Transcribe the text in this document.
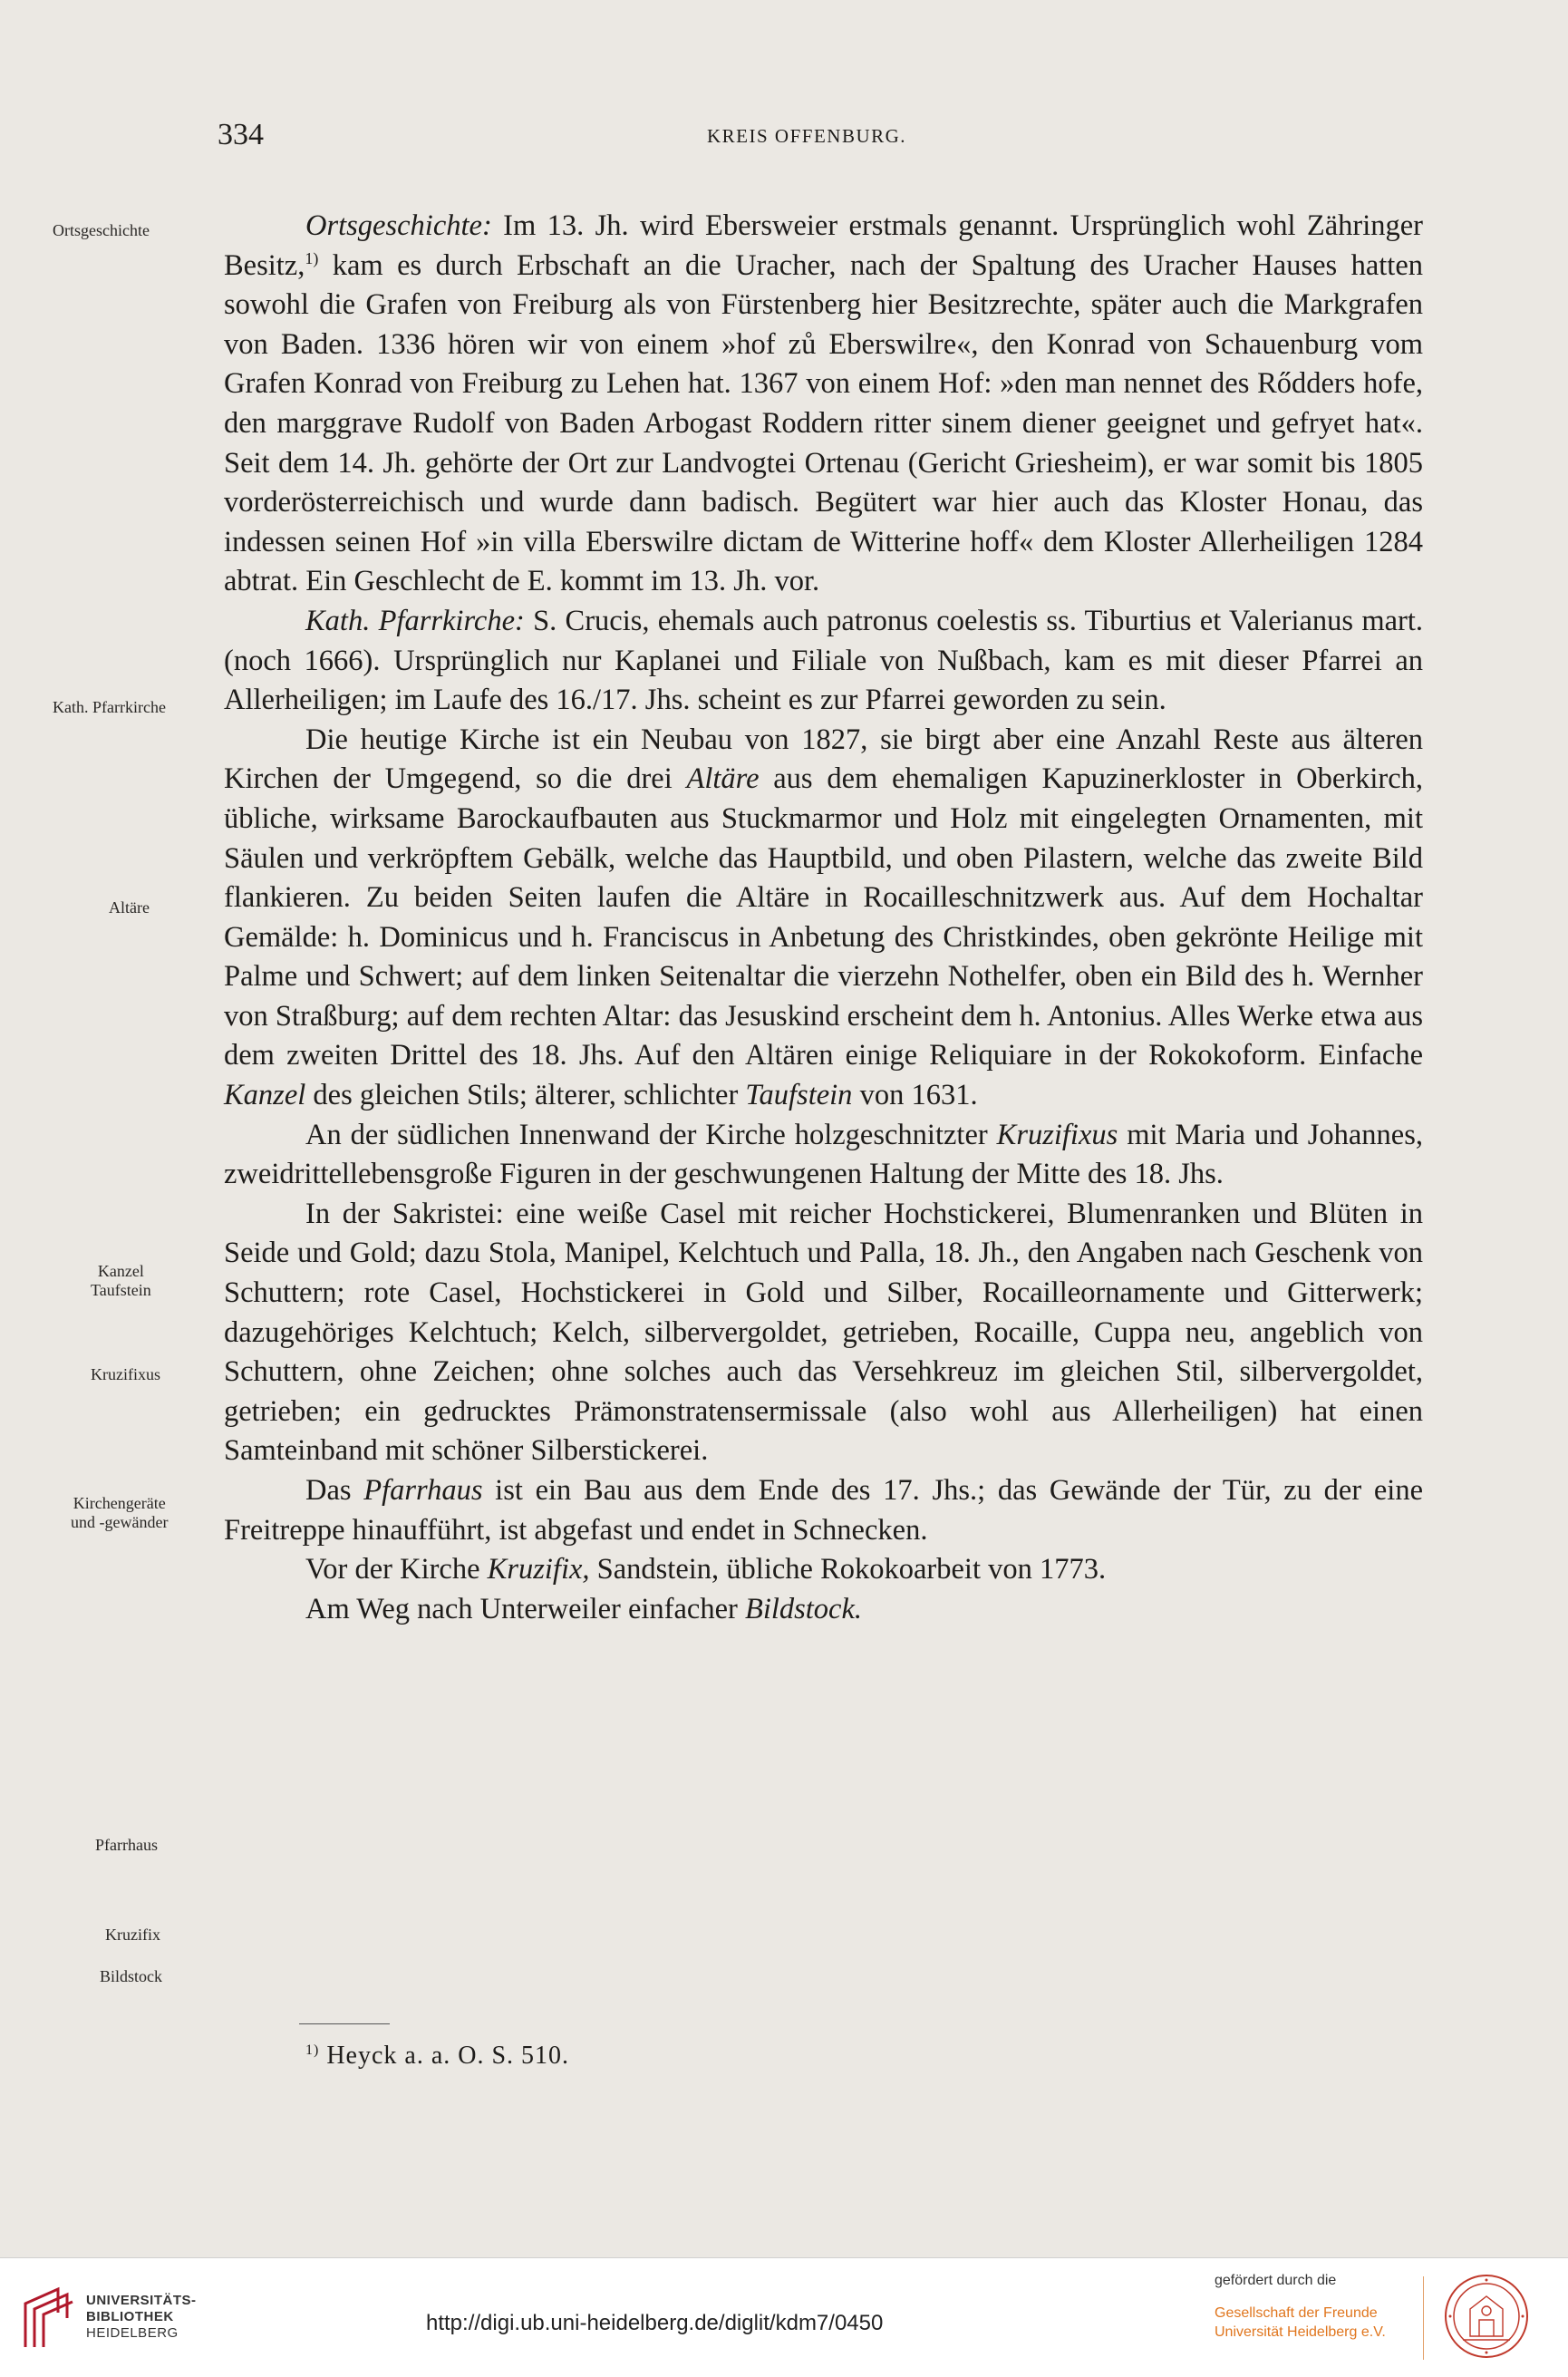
334	KREIS OFFENBURG.
Ortsgeschichte
Kath. Pfarrkirche
Altäre
Kanzel
Taufstein
Kruzifixus
Kirchengeräte
und -gewänder
Pfarrhaus
Kruzifix
Bildstock

Ortsgeschichte: Im 13. Jh. wird Ebersweier erstmals genannt. Ursprünglich wohl Zähringer Besitz,$^{1)}$ kam es durch Erbschaft an die Uracher, nach der Spaltung des Uracher Hauses hatten sowohl die Grafen von Freiburg als von Fürstenberg hier Besitzrechte, später auch die Markgrafen von Baden. 1336 hören wir von einem »hof zů Eberswilre«, den Konrad von Schauenburg vom Grafen Konrad von Freiburg zu Lehen hat. 1367 von einem Hof: »den man nennet des Rődders hofe, den marggrave Rudolf von Baden Arbogast Roddern ritter sinem diener geeignet und gefryet hat«. Seit dem 14. Jh. gehörte der Ort zur Landvogtei Ortenau (Gericht Griesheim), er war somit bis 1805 vorderösterreichisch und wurde dann badisch. Begütert war hier auch das Kloster Honau, das indessen seinen Hof »in villa Eberswilre dictam de Witterine hoff« dem Kloster Allerheiligen 1284 abtrat. Ein Geschlecht de E. kommt im 13. Jh. vor.

Kath. Pfarrkirche: S. Crucis, ehemals auch patronus coelestis ss. Tiburtius et Valerianus mart. (noch 1666). Ursprünglich nur Kaplanei und Filiale von Nußbach, kam es mit dieser Pfarrei an Allerheiligen; im Laufe des 16./17. Jhs. scheint es zur Pfarrei geworden zu sein.

Die heutige Kirche ist ein Neubau von 1827, sie birgt aber eine Anzahl Reste aus älteren Kirchen der Umgegend, so die drei Altäre aus dem ehemaligen Kapuzinerkloster in Oberkirch, übliche, wirksame Barockaufbauten aus Stuckmarmor und Holz mit eingelegten Ornamenten, mit Säulen und verkröpftem Gebälk, welche das Hauptbild, und oben Pilastern, welche das zweite Bild flankieren. Zu beiden Seiten laufen die Altäre in Rocailleschnitzwerk aus. Auf dem Hochaltar Gemälde: h. Dominicus und h. Franciscus in Anbetung des Christkindes, oben gekrönte Heilige mit Palme und Schwert; auf dem linken Seitenaltar die vierzehn Nothelfer, oben ein Bild des h. Wernher von Straßburg; auf dem rechten Altar: das Jesuskind erscheint dem h. Antonius. Alles Werke etwa aus dem zweiten Drittel des 18. Jhs. Auf den Altären einige Reliquiare in der Rokokoform. Einfache Kanzel des gleichen Stils; älterer, schlichter Taufstein von 1631.

An der südlichen Innenwand der Kirche holzgeschnitzter Kruzifixus mit Maria und Johannes, zweidrittellebensgroße Figuren in der geschwungenen Haltung der Mitte des 18. Jhs.

In der Sakristei: eine weiße Casel mit reicher Hochstickerei, Blumenranken und Blüten in Seide und Gold; dazu Stola, Manipel, Kelchtuch und Palla, 18. Jh., den Angaben nach Geschenk von Schuttern; rote Casel, Hochstickerei in Gold und Silber, Rocailleornamente und Gitterwerk; dazugehöriges Kelchtuch; Kelch, silbervergoldet, getrieben, Rocaille, Cuppa neu, angeblich von Schuttern, ohne Zeichen; ohne solches auch das Versehkreuz im gleichen Stil, silbervergoldet, getrieben; ein gedrucktes Prämonstratensermissale (also wohl aus Allerheiligen) hat einen Samteinband mit schöner Silberstickerei.

Das Pfarrhaus ist ein Bau aus dem Ende des 17. Jhs.; das Gewände der Tür, zu der eine Freitreppe hinaufführt, ist abgefast und endet in Schnecken.

Vor der Kirche Kruzifix, Sandstein, übliche Rokokoarbeit von 1773.

Am Weg nach Unterweiler einfacher Bildstock.

$^{1)}$ Heyck a. a. O. S. 510.
UNIVERSITÄTS-
BIBLIOTHEK
HEIDELBERG	http://digi.ub.uni-heidelberg.de/diglit/kdm7/0450
gefördert durch die
Gesellschaft der Freunde
Universität Heidelberg e.V.
